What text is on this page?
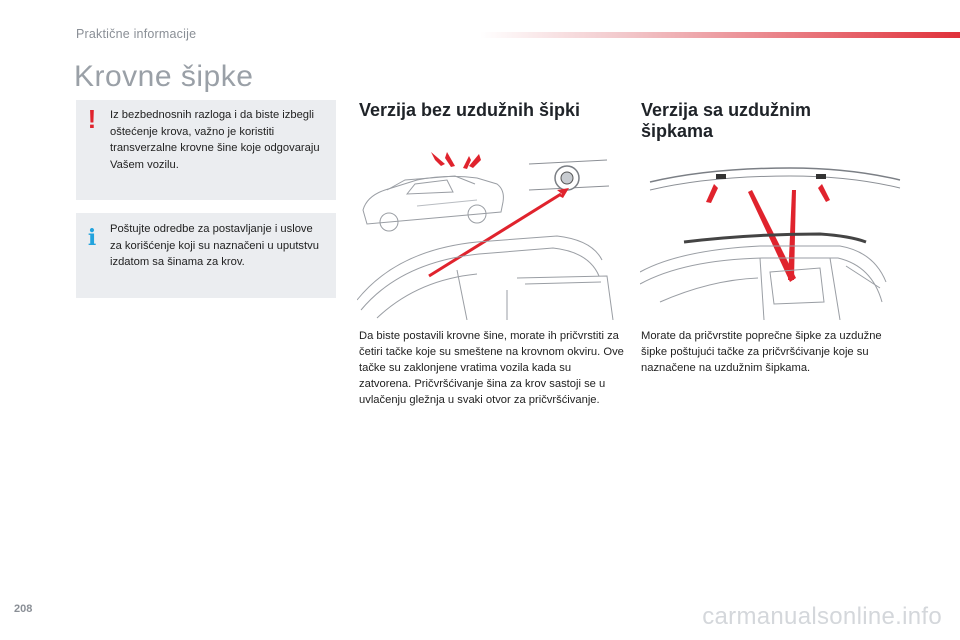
Praktične informacije
Krovne šipke
! Iz bezbednosnih razloga i da biste izbegli oštećenje krova, važno je koristiti transverzalne krovne šine koje odgovaraju Vašem vozilu.

i Poštujte odredbe za postavljanje i uslove za korišćenje koji su naznačeni u uputstvu izdatom sa šinama za krov.

Verzija bez uzdužnih šipki	Verzija sa uzdužnim šipkama

Da biste postavili krovne šine, morate ih pričvrstiti za četiri tačke koje su smeštene na krovnom okviru. Ove tačke su zaklonjene vratima vozila kada su zatvorena. Pričvršćivanje šina za krov sastoji se u uvlačenju gležnja u svaki otvor za pričvršćivanje.

Morate da pričvrstite poprečne šipke za uzdužne šipke poštujući tačke za pričvršćivanje koje su naznačene na uzdužnim šipkama.

208	carmanualsonline.info
